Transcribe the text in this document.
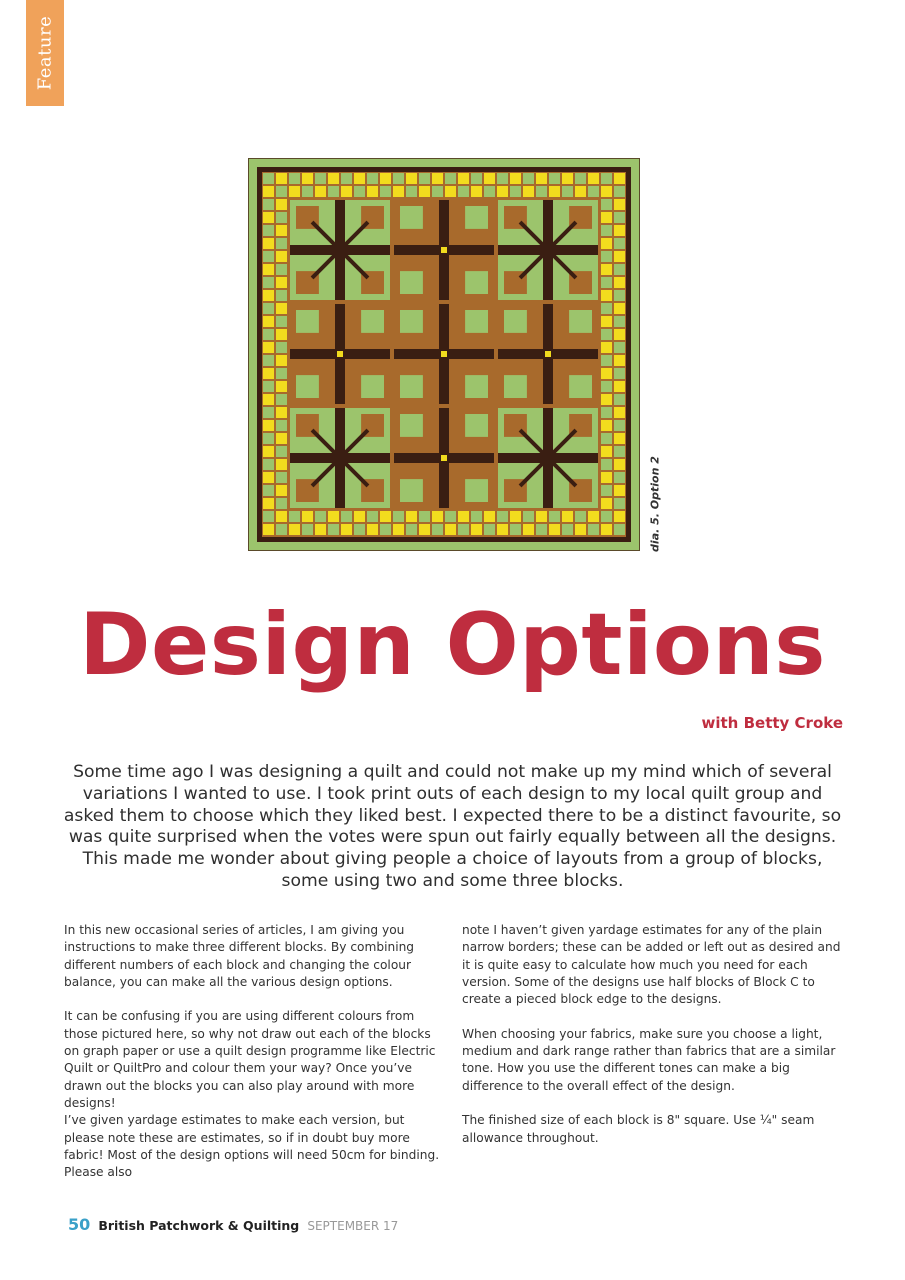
Feature
dia. 5. Option 2
Design Options
with Betty Croke
Some time ago I was designing a quilt and could not make up my mind which of several variations I wanted to use. I took print outs of each design to my local quilt group and asked them to choose which they liked best. I expected there to be a distinct favourite, so was quite surprised when the votes were spun out fairly equally between all the designs. This made me wonder about giving people a choice of layouts from a group of blocks, some using two and some three blocks.

In this new occasional series of articles, I am giving you instructions to make three different blocks. By combining different numbers of each block and changing the colour balance, you can make all the various design options.

It can be confusing if you are using different colours from those pictured here, so why not draw out each of the blocks on graph paper or use a quilt design programme like Electric Quilt or QuiltPro and colour them your way? Once you’ve drawn out the blocks you can also play around with more designs!

I’ve given yardage estimates to make each version, but please note these are estimates, so if in doubt buy more fabric! Most of the design options will need 50cm for binding. Please also

note I haven’t given yardage estimates for any of the plain narrow borders; these can be added or left out as desired and it is quite easy to calculate how much you need for each version. Some of the designs use half blocks of Block C to create a pieced block edge to the designs.

When choosing your fabrics, make sure you choose a light, medium and dark range rather than fabrics that are a similar tone. How you use the different tones can make a big difference to the overall effect of the design.

The finished size of each block is 8" square. Use ¼" seam allowance throughout.

50 British Patchwork & Quilting SEPTEMBER 17
